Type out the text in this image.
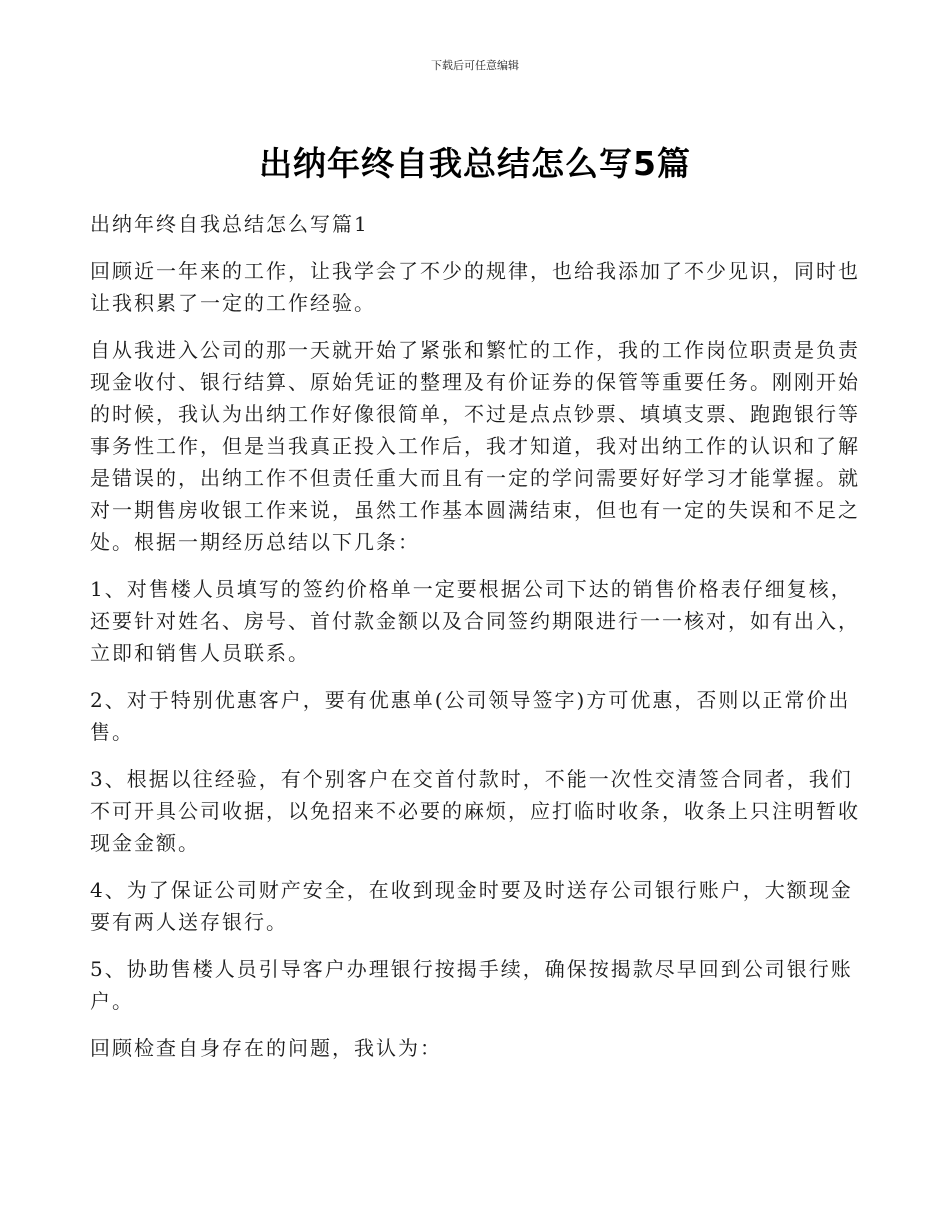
下载后可任意编辑
出纳年终自我总结怎么写5篇

出纳年终自我总结怎么写篇1

回顾近一年来的工作，让我学会了不少的规律，也给我添加了不少见识，同时也让我积累了一定的工作经验。

自从我进入公司的那一天就开始了紧张和繁忙的工作，我的工作岗位职责是负责现金收付、银行结算、原始凭证的整理及有价证券的保管等重要任务。刚刚开始的时候，我认为出纳工作好像很简单，不过是点点钞票、填填支票、跑跑银行等事务性工作，但是当我真正投入工作后，我才知道，我对出纳工作的认识和了解是错误的，出纳工作不但责任重大而且有一定的学问需要好好学习才能掌握。就对一期售房收银工作来说，虽然工作基本圆满结束，但也有一定的失误和不足之处。根据一期经历总结以下几条：

1、对售楼人员填写的签约价格单一定要根据公司下达的销售价格表仔细复核，还要针对姓名、房号、首付款金额以及合同签约期限进行一一核对，如有出入，立即和销售人员联系。

2、对于特别优惠客户，要有优惠单(公司领导签字)方可优惠，否则以正常价出售。

3、根据以往经验，有个别客户在交首付款时，不能一次性交清签合同者，我们不可开具公司收据，以免招来不必要的麻烦，应打临时收条，收条上只注明暂收现金金额。

4、为了保证公司财产安全，在收到现金时要及时送存公司银行账户，大额现金要有两人送存银行。

5、协助售楼人员引导客户办理银行按揭手续，确保按揭款尽早回到公司银行账户。

回顾检查自身存在的问题，我认为：
